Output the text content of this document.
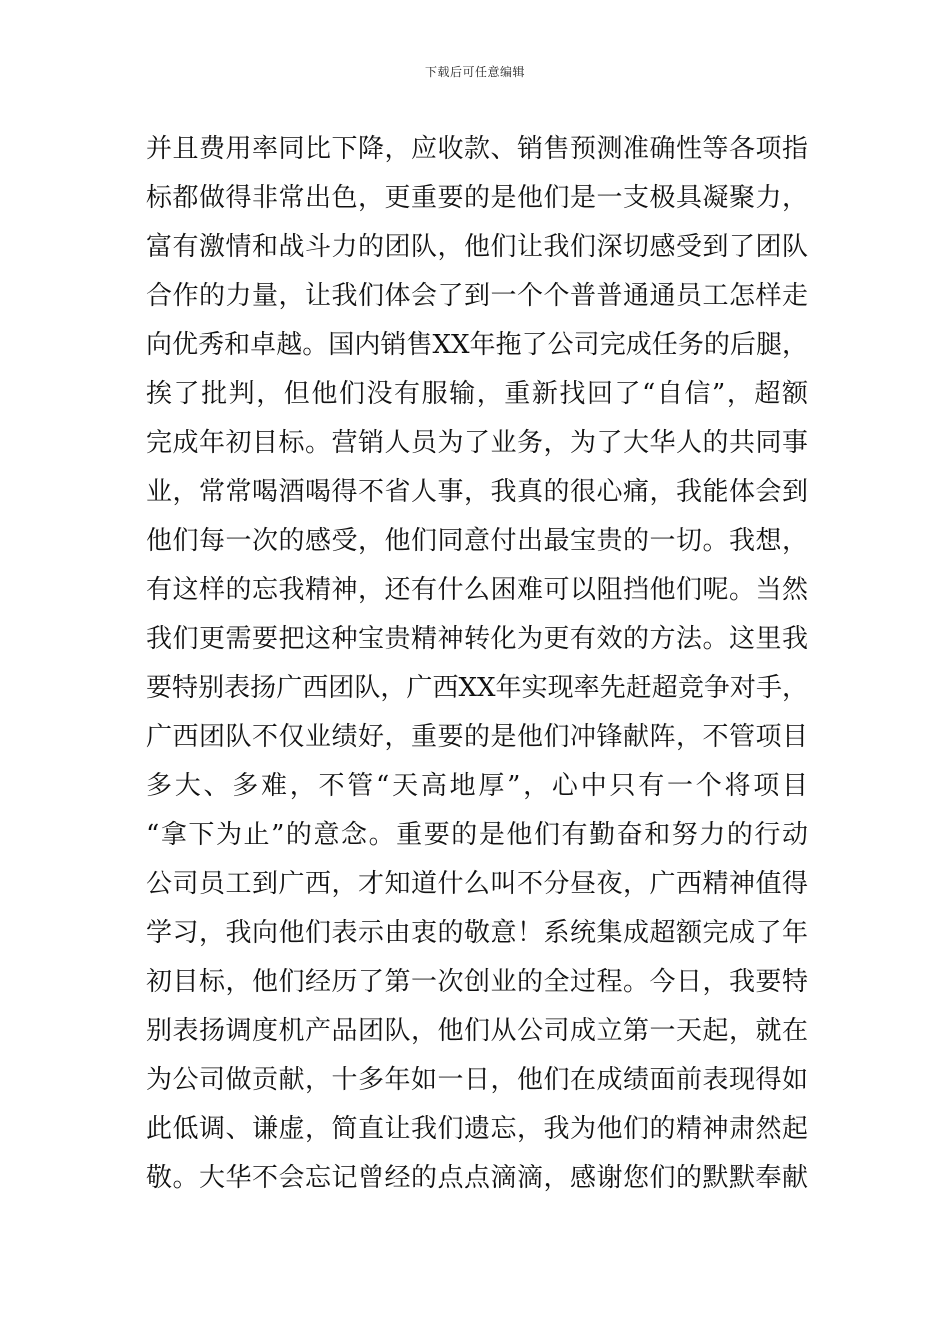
下载后可任意编辑
并且费用率同比下降，应收款、销售预测准确性等各项指
标都做得非常出色，更重要的是他们是一支极具凝聚力，
富有激情和战斗力的团队，他们让我们深切感受到了团队
合作的力量，让我们体会了到一个个普普通通员工怎样走
向优秀和卓越。国内销售XX年拖了公司完成任务的后腿，
挨了批判，但他们没有服输，重新找回了“自信”，超额
完成年初目标。营销人员为了业务，为了大华人的共同事
业，常常喝酒喝得不省人事，我真的很心痛，我能体会到
他们每一次的感受，他们同意付出最宝贵的一切。我想，
有这样的忘我精神，还有什么困难可以阻挡他们呢。当然
我们更需要把这种宝贵精神转化为更有效的方法。这里我
要特别表扬广西团队，广西XX年实现率先赶超竞争对手，
广西团队不仅业绩好，重要的是他们冲锋献阵，不管项目
多大、多难，不管“天高地厚”，心中只有一个将项目
“拿下为止”的意念。重要的是他们有勤奋和努力的行动
公司员工到广西，才知道什么叫不分昼夜，广西精神值得
学习，我向他们表示由衷的敬意！系统集成超额完成了年
初目标，他们经历了第一次创业的全过程。今日，我要特
别表扬调度机产品团队，他们从公司成立第一天起，就在
为公司做贡献，十多年如一日，他们在成绩面前表现得如
此低调、谦虚，简直让我们遗忘，我为他们的精神肃然起
敬。大华不会忘记曾经的点点滴滴，感谢您们的默默奉献
